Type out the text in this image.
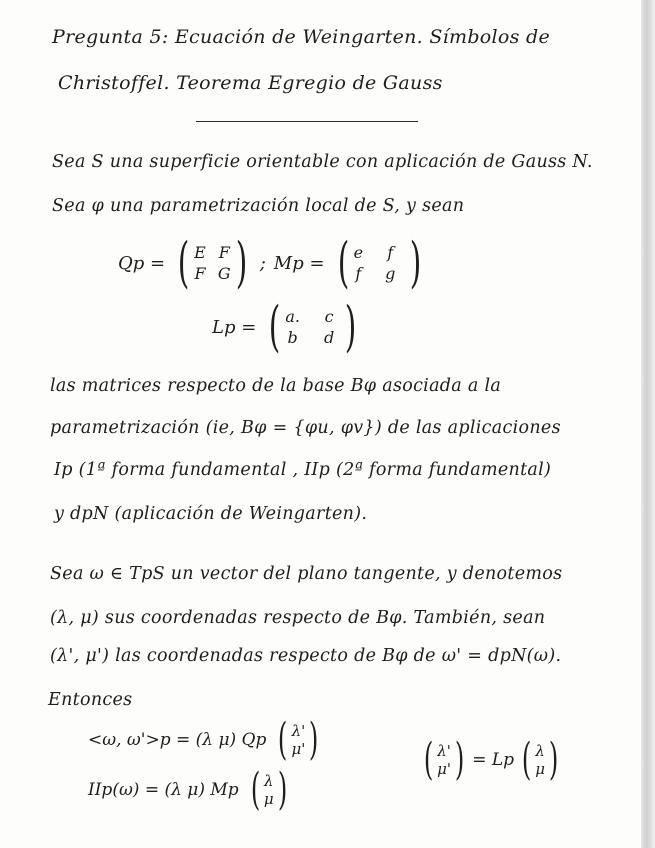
Pregunta 5: Ecuación de Weingarten. Símbolos de
Christoffel. Teorema Egregio de Gauss
Sea S una superficie orientable con aplicación de Gauss N.
Sea φ una parametrización local de S, y sean
Qp = ( E F
F G ) ; Mp = ( e f
f g )
Lp = ( a. c
b d )
las matrices respecto de la base Bφ asociada a la
parametrización (ie, Bφ = {φu, φv}) de las aplicaciones
Ip (1ª forma fundamental , IIp (2ª forma fundamental)
y dpN (aplicación de Weingarten).
Sea ω ∈ TpS un vector del plano tangente, y denotemos
(λ, μ) sus coordenadas respecto de Bφ. También, sean
(λ', μ') las coordenadas respecto de Bφ de ω' = dpN(ω).
Entonces
<ω, ω'>p = (λ μ) Qp ( λ'
μ' )
IIp(ω) = (λ μ) Mp ( λ
μ )
( λ'
μ' ) = Lp ( λ
μ )
